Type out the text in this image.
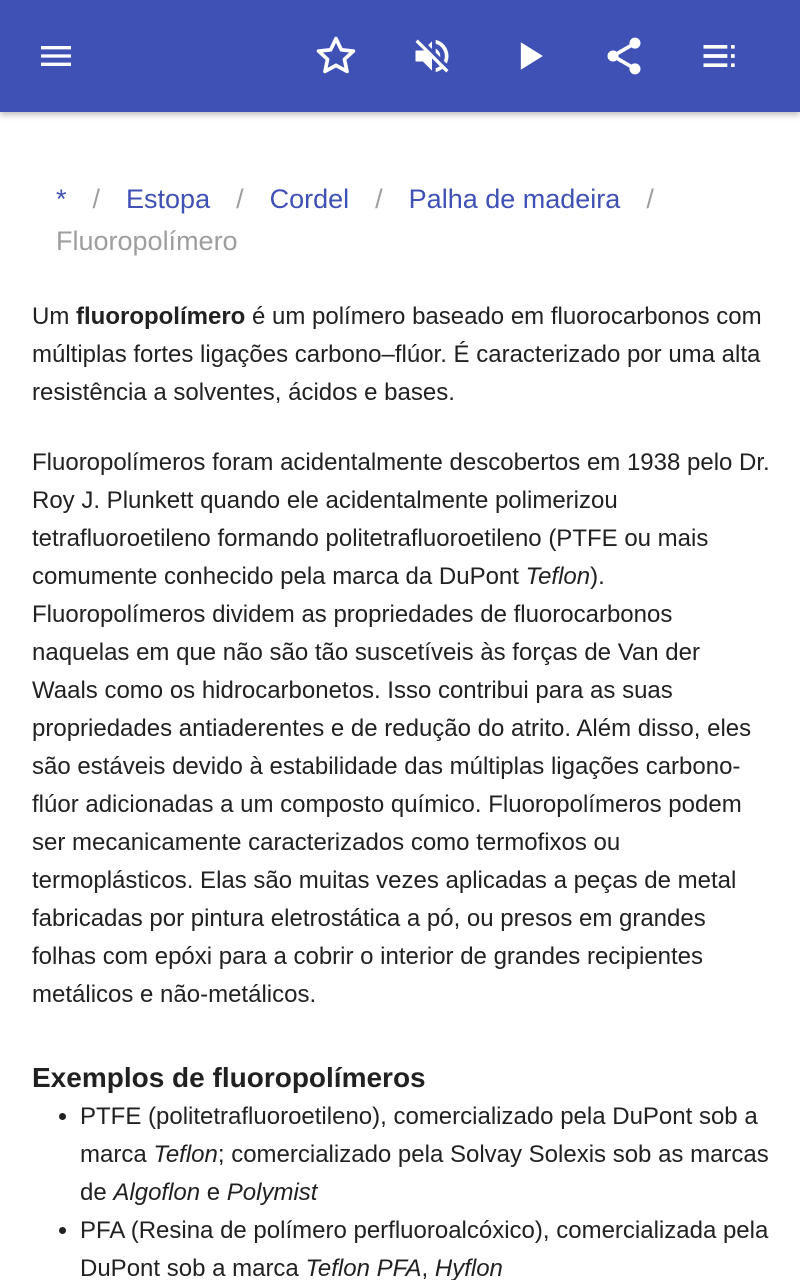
* / Estopa / Cordel / Palha de madeira /
Fluoropolímero

Um fluoropolímero é um polímero baseado em fluorocarbonos com múltiplas fortes ligações carbono–flúor. É caracterizado por uma alta resistência a solventes, ácidos e bases.

Fluoropolímeros foram acidentalmente descobertos em 1938 pelo Dr. Roy J. Plunkett quando ele acidentalmente polimerizou tetrafluoroetileno formando politetrafluoroetileno (PTFE ou mais comumente conhecido pela marca da DuPont Teflon). Fluoropolímeros dividem as propriedades de fluorocarbonos naquelas em que não são tão suscetíveis às forças de Van der Waals como os hidrocarbonetos. Isso contribui para as suas propriedades antiaderentes e de redução do atrito. Além disso, eles são estáveis devido à estabilidade das múltiplas ligações carbono-flúor adicionadas a um composto químico. Fluoropolímeros podem ser mecanicamente caracterizados como termofixos ou termoplásticos. Elas são muitas vezes aplicadas a peças de metal fabricadas por pintura eletrostática a pó, ou presos em grandes folhas com epóxi para a cobrir o interior de grandes recipientes metálicos e não-metálicos.

Exemplos de fluoropolímeros
• PTFE (politetrafluoroetileno), comercializado pela DuPont sob a marca Teflon; comercializado pela Solvay Solexis sob as marcas de Algoflon e Polymist
• PFA (Resina de polímero perfluoroalcóxico), comercializada pela DuPont sob a marca Teflon PFA, Hyflon
